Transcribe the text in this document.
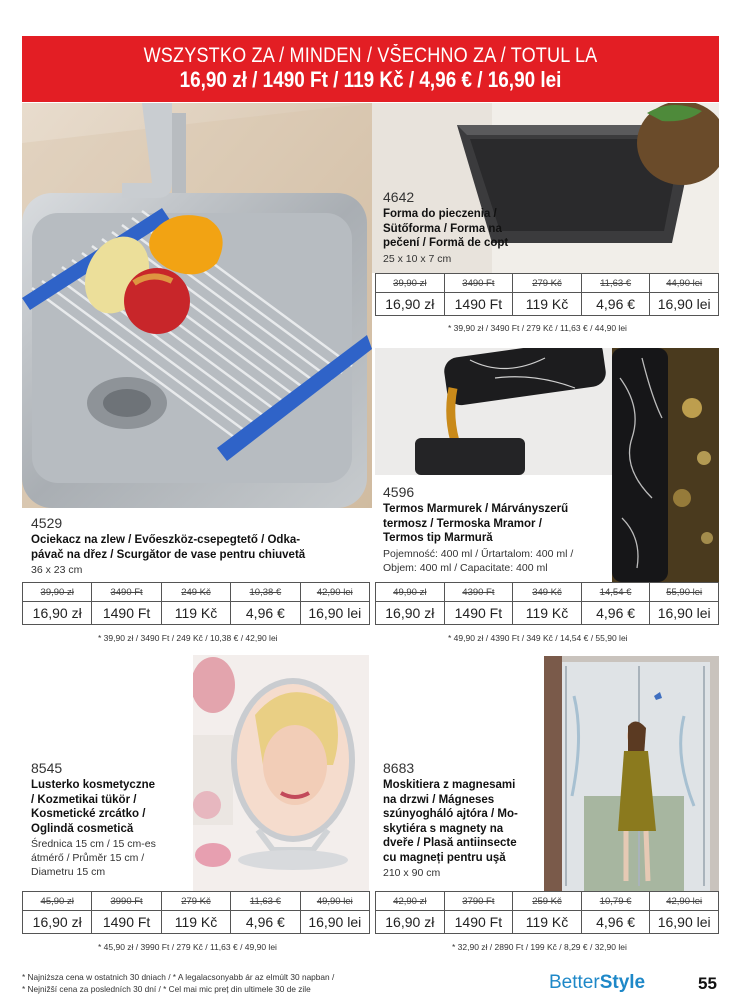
WSZYSTKO ZA / MINDEN / VŠECHNO ZA / TOTUL LA
16,90 zł / 1490 Ft / 119 Kč / 4,96 € / 16,90 lei
4642
Forma do pieczenia /
Sütőforma / Forma na
pečení / Formă de copt
25 x 10 x 7 cm
39,90 zł	3490 Ft	279 Kč	11,63 €	44,90 lei
16,90 zł	1490 Ft	119 Kč	4,96 €	16,90 lei
* 39,90 zł / 3490 Ft / 279 Kč / 11,63 € / 44,90 lei
4529
Ociekacz na zlew / Evőeszköz-csepegtető / Odka-
pávač na dřez / Scurgător de vase pentru chiuvetă
36 x 23 cm
39,90 zł	3490 Ft	249 Kč	10,38 €	42,90 lei
16,90 zł	1490 Ft	119 Kč	4,96 €	16,90 lei
* 39,90 zł / 3490 Ft / 249 Kč / 10,38 € / 42,90 lei
4596
Termos Marmurek / Márványszerű
termosz / Termoska Mramor /
Termos tip Marmură
Pojemność: 400 ml / Űrtartalom: 400 ml /
Objem: 400 ml / Capacitate: 400 ml
49,90 zł	4390 Ft	349 Kč	14,54 €	55,90 lei
16,90 zł	1490 Ft	119 Kč	4,96 €	16,90 lei
* 49,90 zł / 4390 Ft / 349 Kč / 14,54 € / 55,90 lei
8545
Lusterko kosmetyczne
/ Kozmetikai tükör /
Kosmetické zrcátko /
Oglindă cosmetică
Średnica 15 cm / 15 cm-es
átmérő / Průměr 15 cm /
Diametru 15 cm
45,90 zł	3990 Ft	279 Kč	11,63 €	49,90 lei
16,90 zł	1490 Ft	119 Kč	4,96 €	16,90 lei
* 45,90 zł / 3990 Ft / 279 Kč / 11,63 € / 49,90 lei
8683
Moskitiera z magnesami
na drzwi / Mágneses
szúnyogháló ajtóra / Mo-
skytiéra s magnety na
dveře / Plasă antiinsecte
cu magneți pentru uşă
210 x 90 cm
42,90 zł	3790 Ft	259 Kč	10,79 €	42,90 lei
16,90 zł	1490 Ft	119 Kč	4,96 €	16,90 lei
* 32,90 zł / 2890 Ft / 199 Kč / 8,29 € / 32,90 lei
* Najniższa cena w ostatnich 30 dniach / * A legalacsonyabb ár az elmúlt 30 napban /
* Nejnižší cena za posledních 30 dní / * Cel mai mic preț din ultimele 30 de zile	BetterStyle	55
